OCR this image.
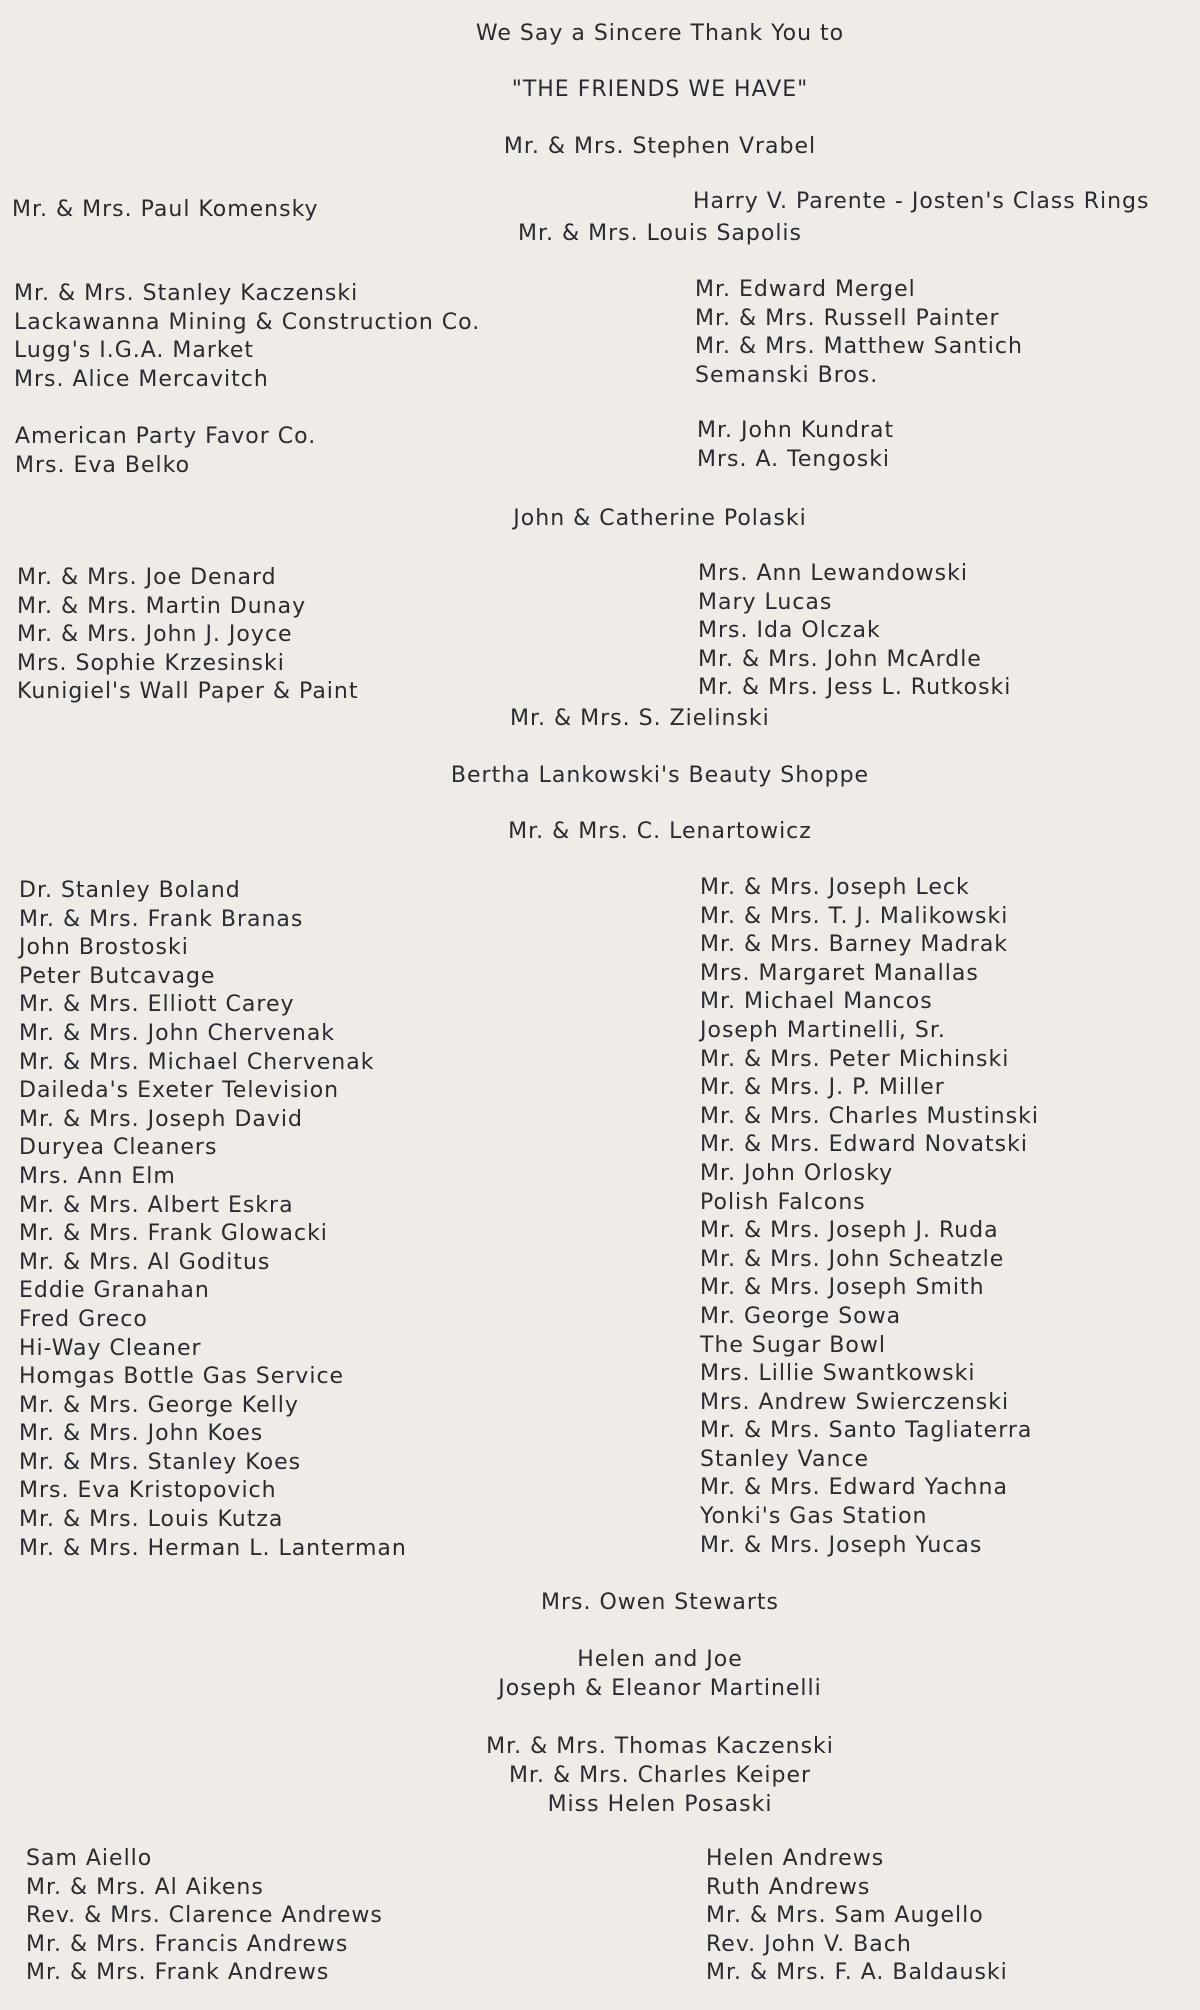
We Say a Sincere Thank You to
"THE FRIENDS WE HAVE"
Mr. & Mrs. Stephen Vrabel
Mr. & Mrs. Paul Komensky	Harry V. Parente - Josten's Class Rings
Mr. & Mrs. Louis Sapolis
Mr. & Mrs. Stanley Kaczenski
Lackawanna Mining & Construction Co.
Lugg's I.G.A. Market
Mrs. Alice Mercavitch
Mr. Edward Mergel
Mr. & Mrs. Russell Painter
Mr. & Mrs. Matthew Santich
Semanski Bros.
American Party Favor Co.
Mrs. Eva Belko
Mr. John Kundrat
Mrs. A. Tengoski
John & Catherine Polaski
Mr. & Mrs. Joe Denard
Mr. & Mrs. Martin Dunay
Mr. & Mrs. John J. Joyce
Mrs. Sophie Krzesinski
Kunigiel's Wall Paper & Paint
Mrs. Ann Lewandowski
Mary Lucas
Mrs. Ida Olczak
Mr. & Mrs. John McArdle
Mr. & Mrs. Jess L. Rutkoski
Mr. & Mrs. S. Zielinski
Bertha Lankowski's Beauty Shoppe
Mr. & Mrs. C. Lenartowicz
Dr. Stanley Boland
Mr. & Mrs. Frank Branas
John Brostoski
Peter Butcavage
Mr. & Mrs. Elliott Carey
Mr. & Mrs. John Chervenak
Mr. & Mrs. Michael Chervenak
Daileda's Exeter Television
Mr. & Mrs. Joseph David
Duryea Cleaners
Mrs. Ann Elm
Mr. & Mrs. Albert Eskra
Mr. & Mrs. Frank Glowacki
Mr. & Mrs. Al Goditus
Eddie Granahan
Fred Greco
Hi-Way Cleaner
Homgas Bottle Gas Service
Mr. & Mrs. George Kelly
Mr. & Mrs. John Koes
Mr. & Mrs. Stanley Koes
Mrs. Eva Kristopovich
Mr. & Mrs. Louis Kutza
Mr. & Mrs. Herman L. Lanterman
Mr. & Mrs. Joseph Leck
Mr. & Mrs. T. J. Malikowski
Mr. & Mrs. Barney Madrak
Mrs. Margaret Manallas
Mr. Michael Mancos
Joseph Martinelli, Sr.
Mr. & Mrs. Peter Michinski
Mr. & Mrs. J. P. Miller
Mr. & Mrs. Charles Mustinski
Mr. & Mrs. Edward Novatski
Mr. John Orlosky
Polish Falcons
Mr. & Mrs. Joseph J. Ruda
Mr. & Mrs. John Scheatzle
Mr. & Mrs. Joseph Smith
Mr. George Sowa
The Sugar Bowl
Mrs. Lillie Swantkowski
Mrs. Andrew Swierczenski
Mr. & Mrs. Santo Tagliaterra
Stanley Vance
Mr. & Mrs. Edward Yachna
Yonki's Gas Station
Mr. & Mrs. Joseph Yucas
Mrs. Owen Stewarts
Helen and Joe
Joseph & Eleanor Martinelli
Mr. & Mrs. Thomas Kaczenski
Mr. & Mrs. Charles Keiper
Miss Helen Posaski
Sam Aiello
Mr. & Mrs. Al Aikens
Rev. & Mrs. Clarence Andrews
Mr. & Mrs. Francis Andrews
Mr. & Mrs. Frank Andrews
Helen Andrews
Ruth Andrews
Mr. & Mrs. Sam Augello
Rev. John V. Bach
Mr. & Mrs. F. A. Baldauski
